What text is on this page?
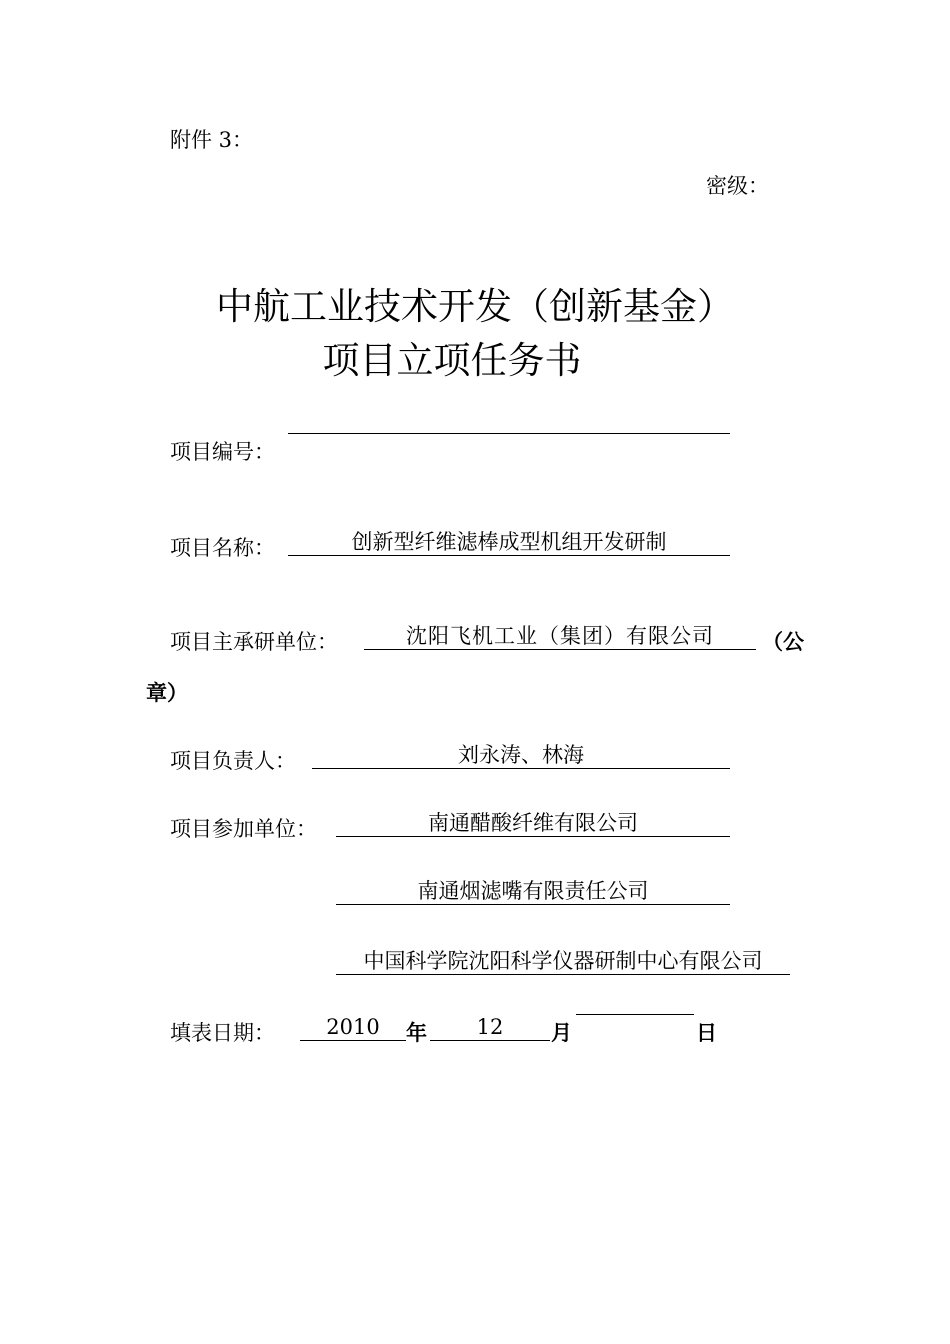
附件 3：
密级：
中航工业技术开发（创新基金）
项目立项任务书
项目编号：
项目名称：	创新型纤维滤棒成型机组开发研制
项目主承研单位：	沈阳飞机工业（集团）有限公司	（公
章）
项目负责人：	刘永涛、林海
项目参加单位：	南通醋酸纤维有限公司
南通烟滤嘴有限责任公司
中国科学院沈阳科学仪器研制中心有限公司
填表日期：	2010	年	12	月	日
